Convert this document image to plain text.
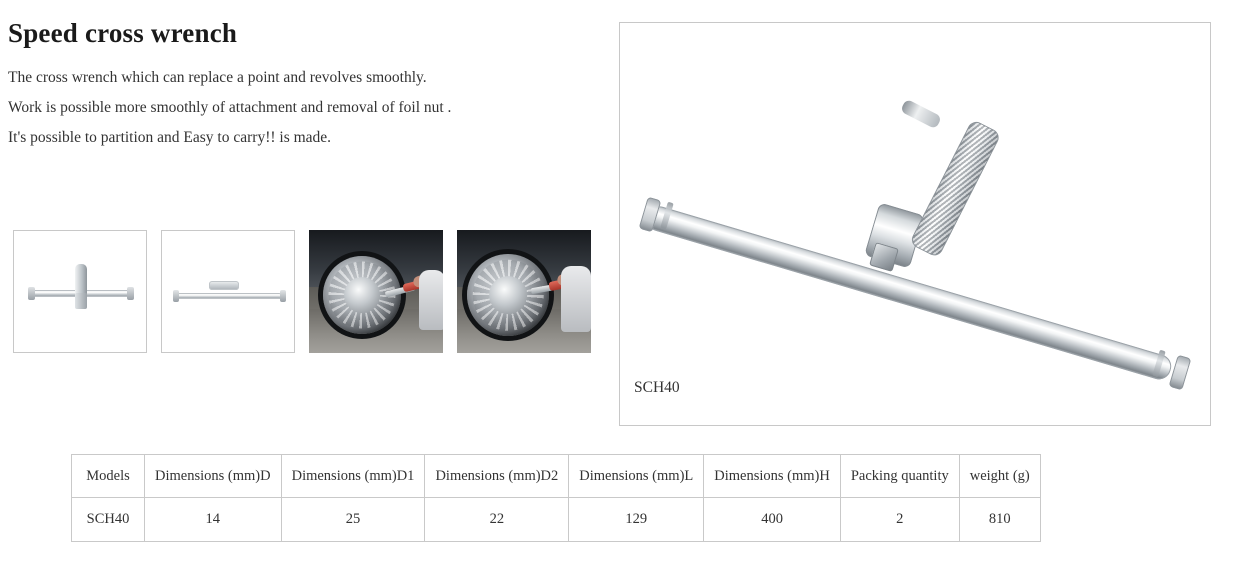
Speed cross wrench
The cross wrench which can replace a point and revolves smoothly.
Work is possible more smoothly of attachment and removal of foil nut .
It's possible to partition and Easy to carry!! is made.
SCH40
Models	Dimensions (mm)D	Dimensions (mm)D1	Dimensions (mm)D2	Dimensions (mm)L	Dimensions (mm)H	Packing quantity	weight (g)
SCH40	14	25	22	129	400	2	810
